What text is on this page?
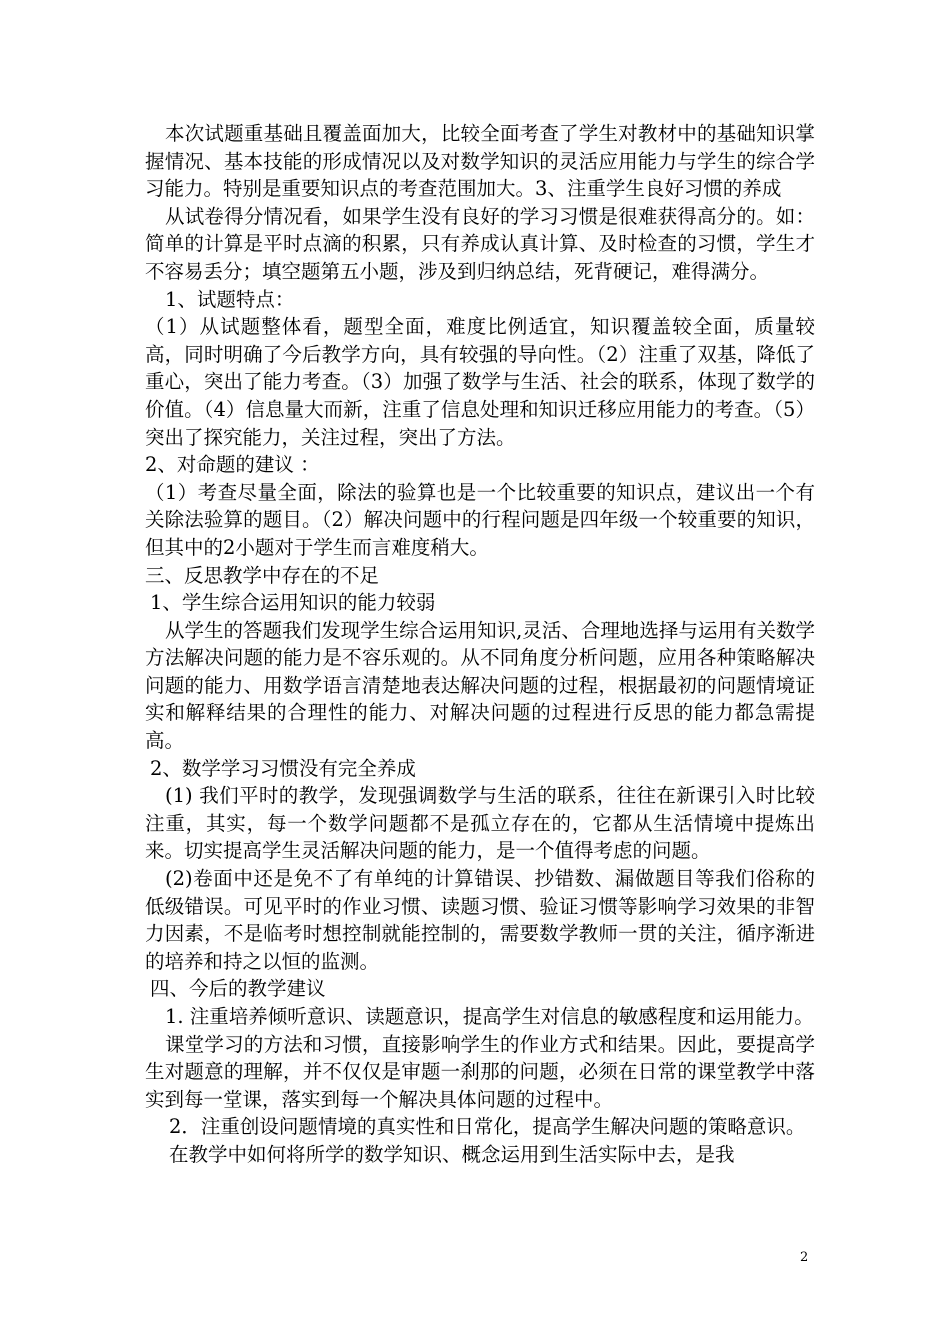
本次试题重基础且覆盖面加大，比较全面考查了学生对教材中的基础知识掌握情况、基本技能的形成情况以及对数学知识的灵活应用能力与学生的综合学习能力。特别是重要知识点的考查范围加大。3、注重学生良好习惯的养成

从试卷得分情况看，如果学生没有良好的学习习惯是很难获得高分的。如：简单的计算是平时点滴的积累，只有养成认真计算、及时检查的习惯，学生才不容易丢分；填空题第五小题，涉及到归纳总结，死背硬记，难得满分。

1、试题特点：

（1）从试题整体看，题型全面，难度比例适宜，知识覆盖较全面，质量较高，同时明确了今后教学方向，具有较强的导向性。（2）注重了双基，降低了重心，突出了能力考查。（3）加强了数学与生活、社会的联系，体现了数学的价值。（4）信息量大而新，注重了信息处理和知识迁移应用能力的考查。（5）突出了探究能力，关注过程，突出了方法。

2、对命题的建议 ：

（1）考查尽量全面，除法的验算也是一个比较重要的知识点，建议出一个有关除法验算的题目。（2）解决问题中的行程问题是四年级一个较重要的知识，但其中的2小题对于学生而言难度稍大。

三、反思教学中存在的不足

1、学生综合运用知识的能力较弱

从学生的答题我们发现学生综合运用知识,灵活、合理地选择与运用有关数学方法解决问题的能力是不容乐观的。从不同角度分析问题，应用各种策略解决问题的能力、用数学语言清楚地表达解决问题的过程，根据最初的问题情境证实和解释结果的合理性的能力、对解决问题的过程进行反思的能力都急需提高。

2、数学学习习惯没有完全养成

(1) 我们平时的教学，发现强调数学与生活的联系，往往在新课引入时比较注重，其实，每一个数学问题都不是孤立存在的，它都从生活情境中提炼出来。切实提高学生灵活解决问题的能力，是一个值得考虑的问题。

(2)卷面中还是免不了有单纯的计算错误、抄错数、漏做题目等我们俗称的低级错误。可见平时的作业习惯、读题习惯、验证习惯等影响学习效果的非智力因素，不是临考时想控制就能控制的，需要数学教师一贯的关注，循序渐进的培养和持之以恒的监测。

四、今后的教学建议

1. 注重培养倾听意识、读题意识，提高学生对信息的敏感程度和运用能力。

课堂学习的方法和习惯，直接影响学生的作业方式和结果。因此，要提高学生对题意的理解，并不仅仅是审题一刹那的问题，必须在日常的课堂教学中落实到每一堂课，落实到每一个解决具体问题的过程中。

2．注重创设问题情境的真实性和日常化，提高学生解决问题的策略意识。

在教学中如何将所学的数学知识、概念运用到生活实际中去，是我

2
